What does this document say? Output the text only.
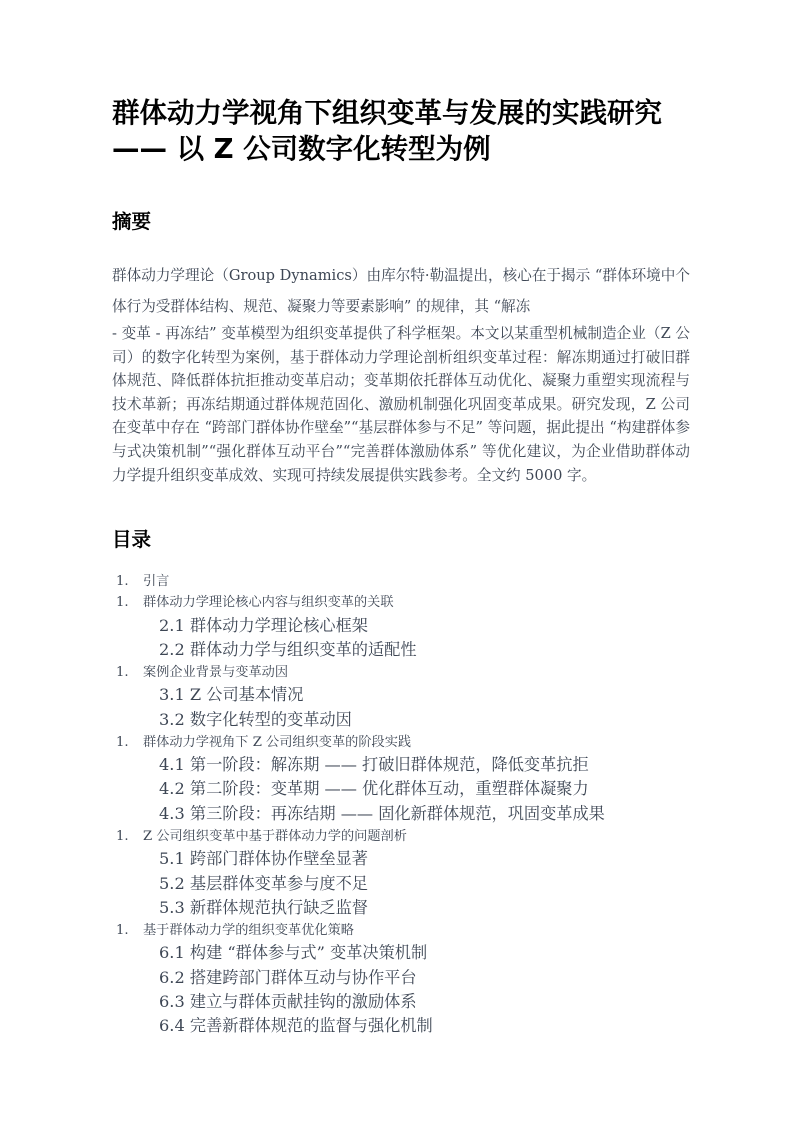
群体动力学视角下组织变革与发展的实践研究 —— 以 Z 公司数字化转型为例
摘要
群体动力学理论（Group Dynamics）由库尔特·勒温提出，核心在于揭示 “群体环境中个体行为受群体结构、规范、凝聚力等要素影响” 的规律，其 “解冻
- 变革 - 再冻结” 变革模型为组织变革提供了科学框架。本文以某重型机械制造企业（Z 公司）的数字化转型为案例，基于群体动力学理论剖析组织变革过程：解冻期通过打破旧群体规范、降低群体抗拒推动变革启动；变革期依托群体互动优化、凝聚力重塑实现流程与技术革新；再冻结期通过群体规范固化、激励机制强化巩固变革成果。研究发现，Z 公司在变革中存在 “跨部门群体协作壁垒”“基层群体参与不足” 等问题，据此提出 “构建群体参与式决策机制”“强化群体互动平台”“完善群体激励体系” 等优化建议，为企业借助群体动力学提升组织变革成效、实现可持续发展提供实践参考。全文约 5000 字。
目录
1. 引言
1. 群体动力学理论核心内容与组织变革的关联
2.1 群体动力学理论核心框架
2.2 群体动力学与组织变革的适配性
1. 案例企业背景与变革动因
3.1 Z 公司基本情况
3.2 数字化转型的变革动因
1. 群体动力学视角下 Z 公司组织变革的阶段实践
4.1 第一阶段：解冻期 —— 打破旧群体规范，降低变革抗拒
4.2 第二阶段：变革期 —— 优化群体互动，重塑群体凝聚力
4.3 第三阶段：再冻结期 —— 固化新群体规范，巩固变革成果
1. Z 公司组织变革中基于群体动力学的问题剖析
5.1 跨部门群体协作壁垒显著
5.2 基层群体变革参与度不足
5.3 新群体规范执行缺乏监督
1. 基于群体动力学的组织变革优化策略
6.1 构建 “群体参与式” 变革决策机制
6.2 搭建跨部门群体互动与协作平台
6.3 建立与群体贡献挂钩的激励体系
6.4 完善新群体规范的监督与强化机制
